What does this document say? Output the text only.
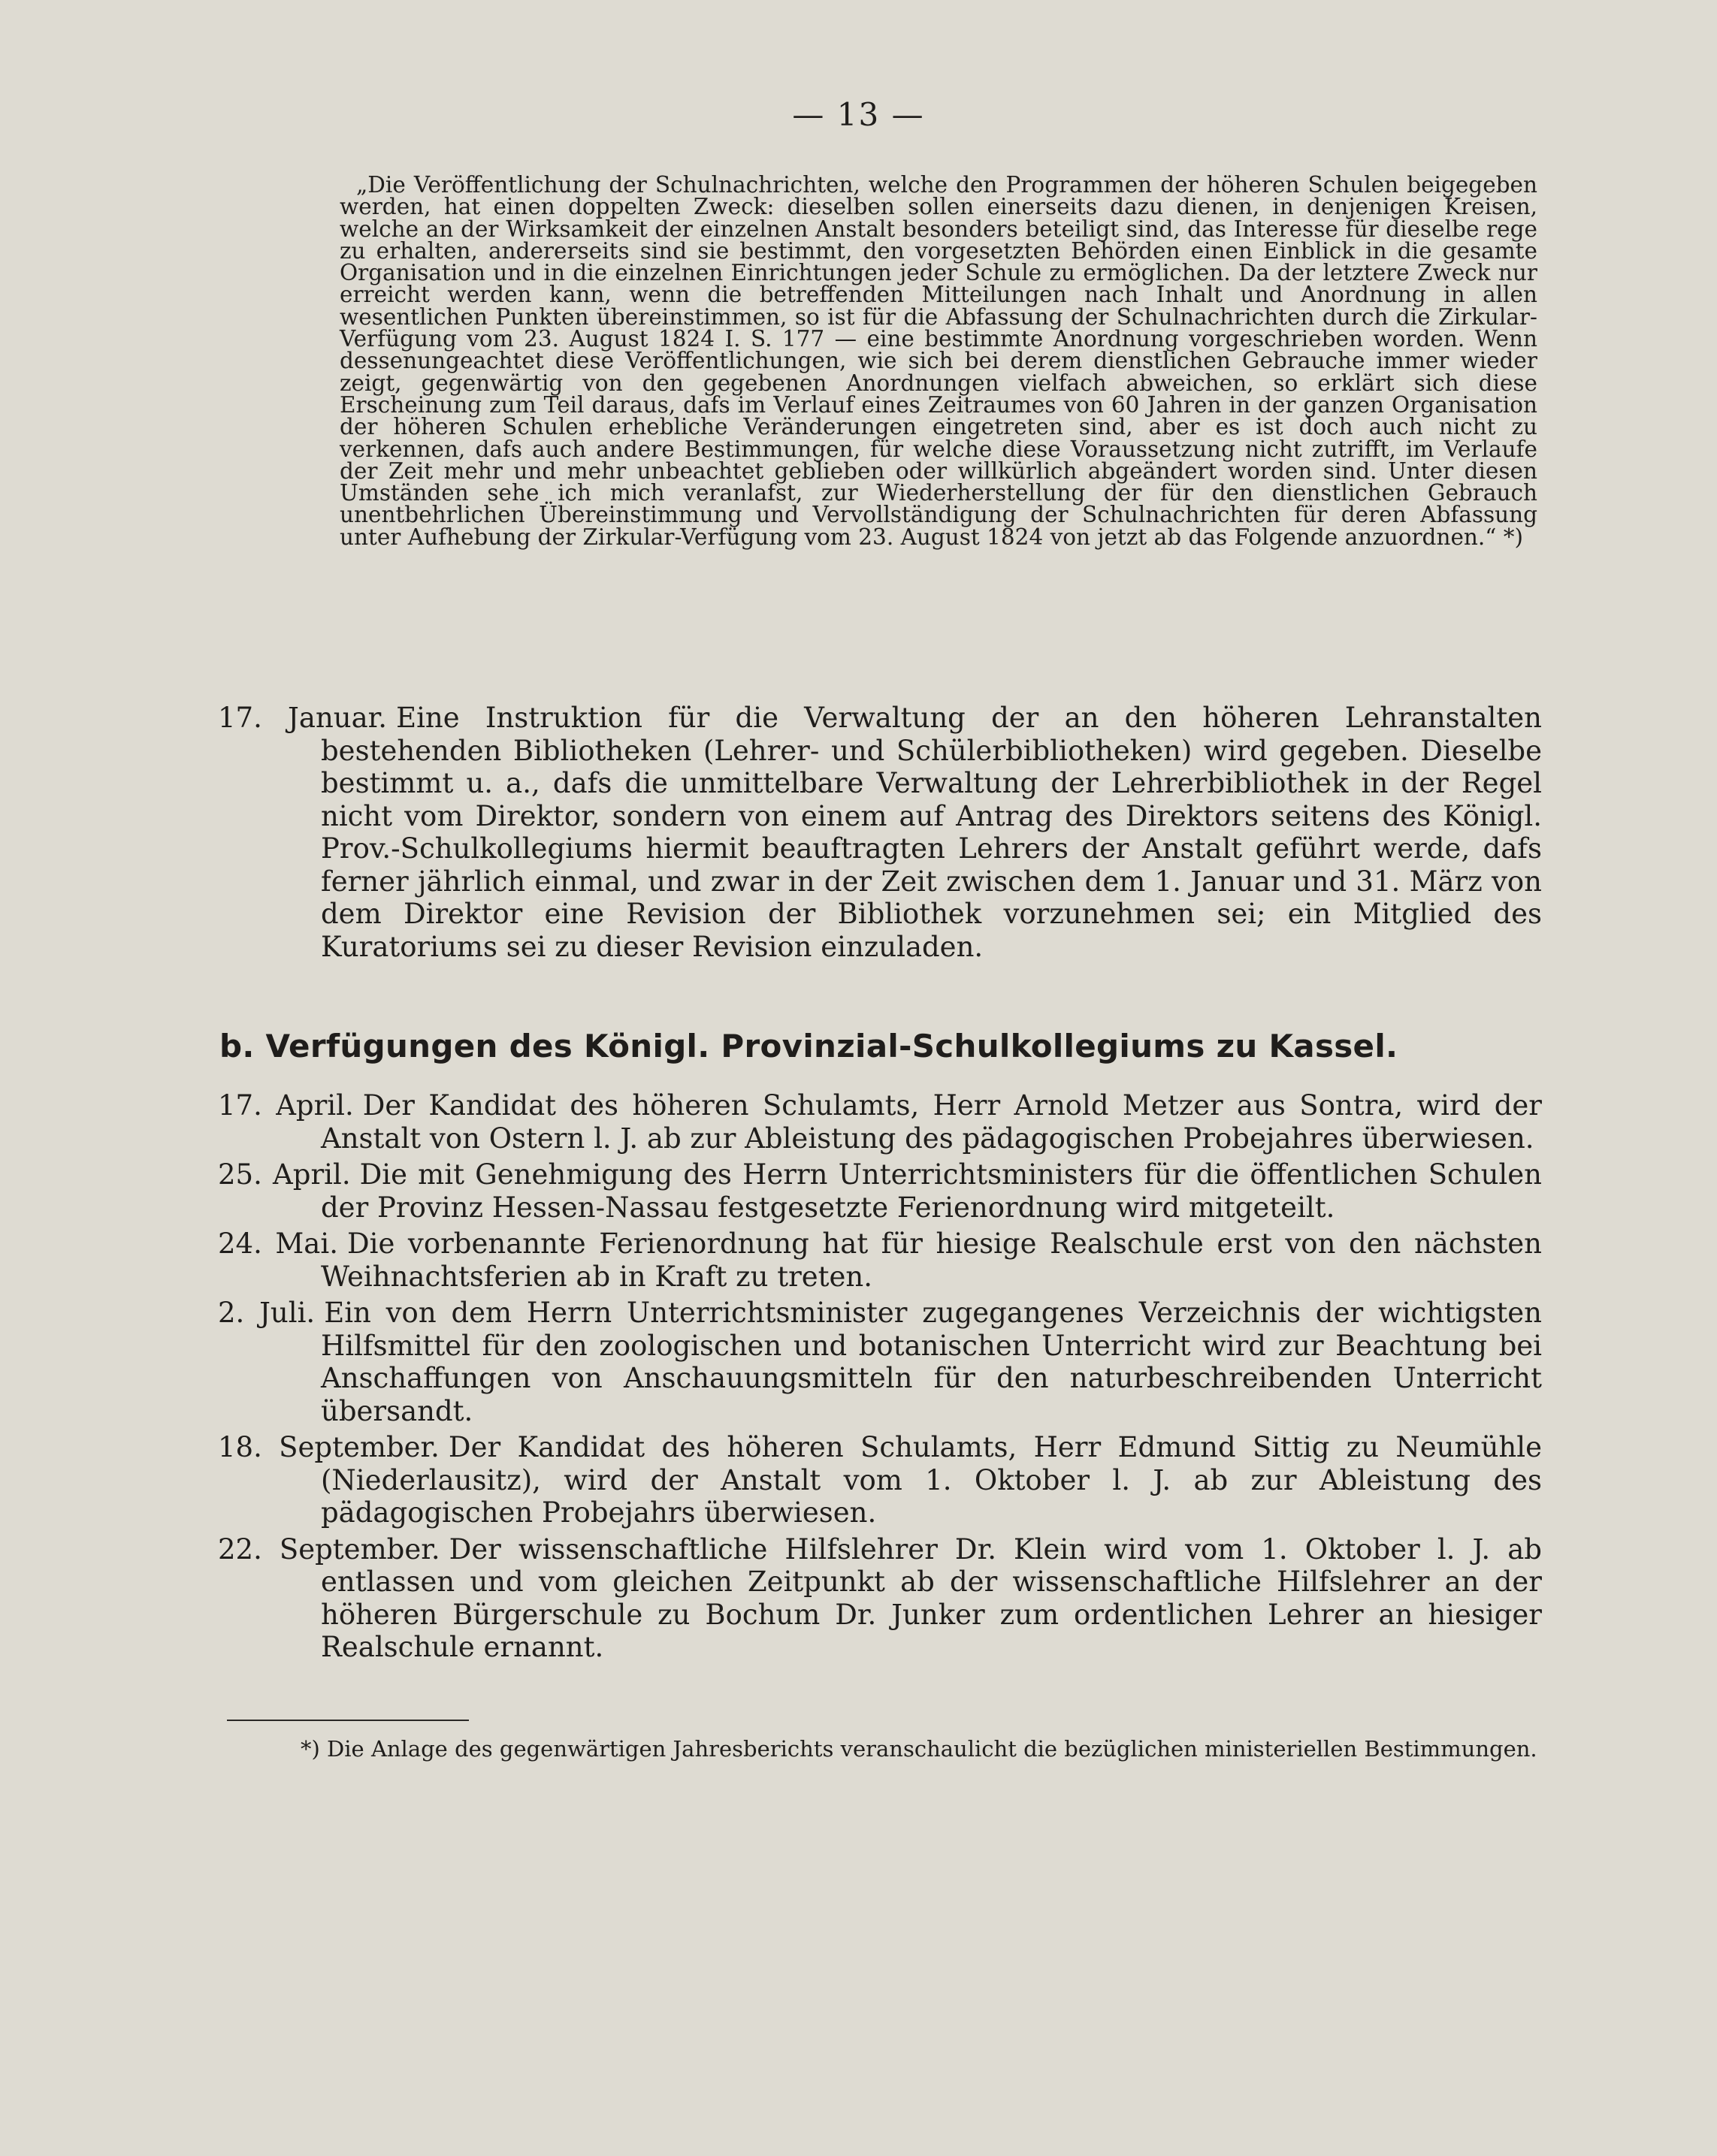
— 13 —
„Die Veröffentlichung der Schulnachrichten, welche den Programmen der höheren Schulen beigegeben werden, hat einen doppelten Zweck: dieselben sollen einerseits dazu dienen, in denjenigen Kreisen, welche an der Wirksamkeit der einzelnen Anstalt besonders beteiligt sind, das Interesse für dieselbe rege zu erhalten, andererseits sind sie bestimmt, den vorgesetzten Behörden einen Einblick in die gesamte Organisation und in die einzelnen Einrichtungen jeder Schule zu ermöglichen. Da der letztere Zweck nur erreicht werden kann, wenn die betreffenden Mitteilungen nach Inhalt und Anordnung in allen wesentlichen Punkten übereinstimmen, so ist für die Abfassung der Schulnachrichten durch die Zirkular-Verfügung vom 23. August 1824 I. S. 177 — eine bestimmte Anordnung vorgeschrieben worden. Wenn dessenungeachtet diese Veröffentlichungen, wie sich bei derem dienstlichen Gebrauche immer wieder zeigt, gegenwärtig von den gegebenen Anordnungen vielfach abweichen, so erklärt sich diese Erscheinung zum Teil daraus, dafs im Verlauf eines Zeitraumes von 60 Jahren in der ganzen Organisation der höheren Schulen erhebliche Veränderungen eingetreten sind, aber es ist doch auch nicht zu verkennen, dafs auch andere Bestimmungen, für welche diese Voraussetzung nicht zutrifft, im Verlaufe der Zeit mehr und mehr unbeachtet geblieben oder willkürlich abgeändert worden sind. Unter diesen Umständen sehe ich mich veranlafst, zur Wiederherstellung der für den dienstlichen Gebrauch unentbehrlichen Übereinstimmung und Vervollständigung der Schulnachrichten für deren Abfassung unter Aufhebung der Zirkular-Verfügung vom 23. August 1824 von jetzt ab das Folgende anzuordnen.“ *)

17. Januar. Eine Instruktion für die Verwaltung der an den höheren Lehranstalten bestehenden Bibliotheken (Lehrer- und Schülerbibliotheken) wird gegeben. Dieselbe bestimmt u. a., dafs die unmittelbare Verwaltung der Lehrerbibliothek in der Regel nicht vom Direktor, sondern von einem auf Antrag des Direktors seitens des Königl. Prov.-Schulkollegiums hiermit beauftragten Lehrers der Anstalt geführt werde, dafs ferner jährlich einmal, und zwar in der Zeit zwischen dem 1. Januar und 31. März von dem Direktor eine Revision der Bibliothek vorzunehmen sei; ein Mitglied des Kuratoriums sei zu dieser Revision einzuladen.

b. Verfügungen des Königl. Provinzial-Schulkollegiums zu Kassel.

17. April. Der Kandidat des höheren Schulamts, Herr Arnold Metzer aus Sontra, wird der Anstalt von Ostern l. J. ab zur Ableistung des pädagogischen Probejahres überwiesen.

25. April. Die mit Genehmigung des Herrn Unterrichtsministers für die öffentlichen Schulen der Provinz Hessen-Nassau festgesetzte Ferienordnung wird mitgeteilt.

24. Mai. Die vorbenannte Ferienordnung hat für hiesige Realschule erst von den nächsten Weihnachtsferien ab in Kraft zu treten.

2. Juli. Ein von dem Herrn Unterrichtsminister zugegangenes Verzeichnis der wichtigsten Hilfsmittel für den zoologischen und botanischen Unterricht wird zur Beachtung bei Anschaffungen von Anschauungsmitteln für den naturbeschreibenden Unterricht übersandt.

18. September. Der Kandidat des höheren Schulamts, Herr Edmund Sittig zu Neumühle (Niederlausitz), wird der Anstalt vom 1. Oktober l. J. ab zur Ableistung des pädagogischen Probejahrs überwiesen.

22. September. Der wissenschaftliche Hilfslehrer Dr. Klein wird vom 1. Oktober l. J. ab entlassen und vom gleichen Zeitpunkt ab der wissenschaftliche Hilfslehrer an der höheren Bürgerschule zu Bochum Dr. Junker zum ordentlichen Lehrer an hiesiger Realschule ernannt.

*) Die Anlage des gegenwärtigen Jahresberichts veranschaulicht die bezüglichen ministeriellen Bestimmungen.
